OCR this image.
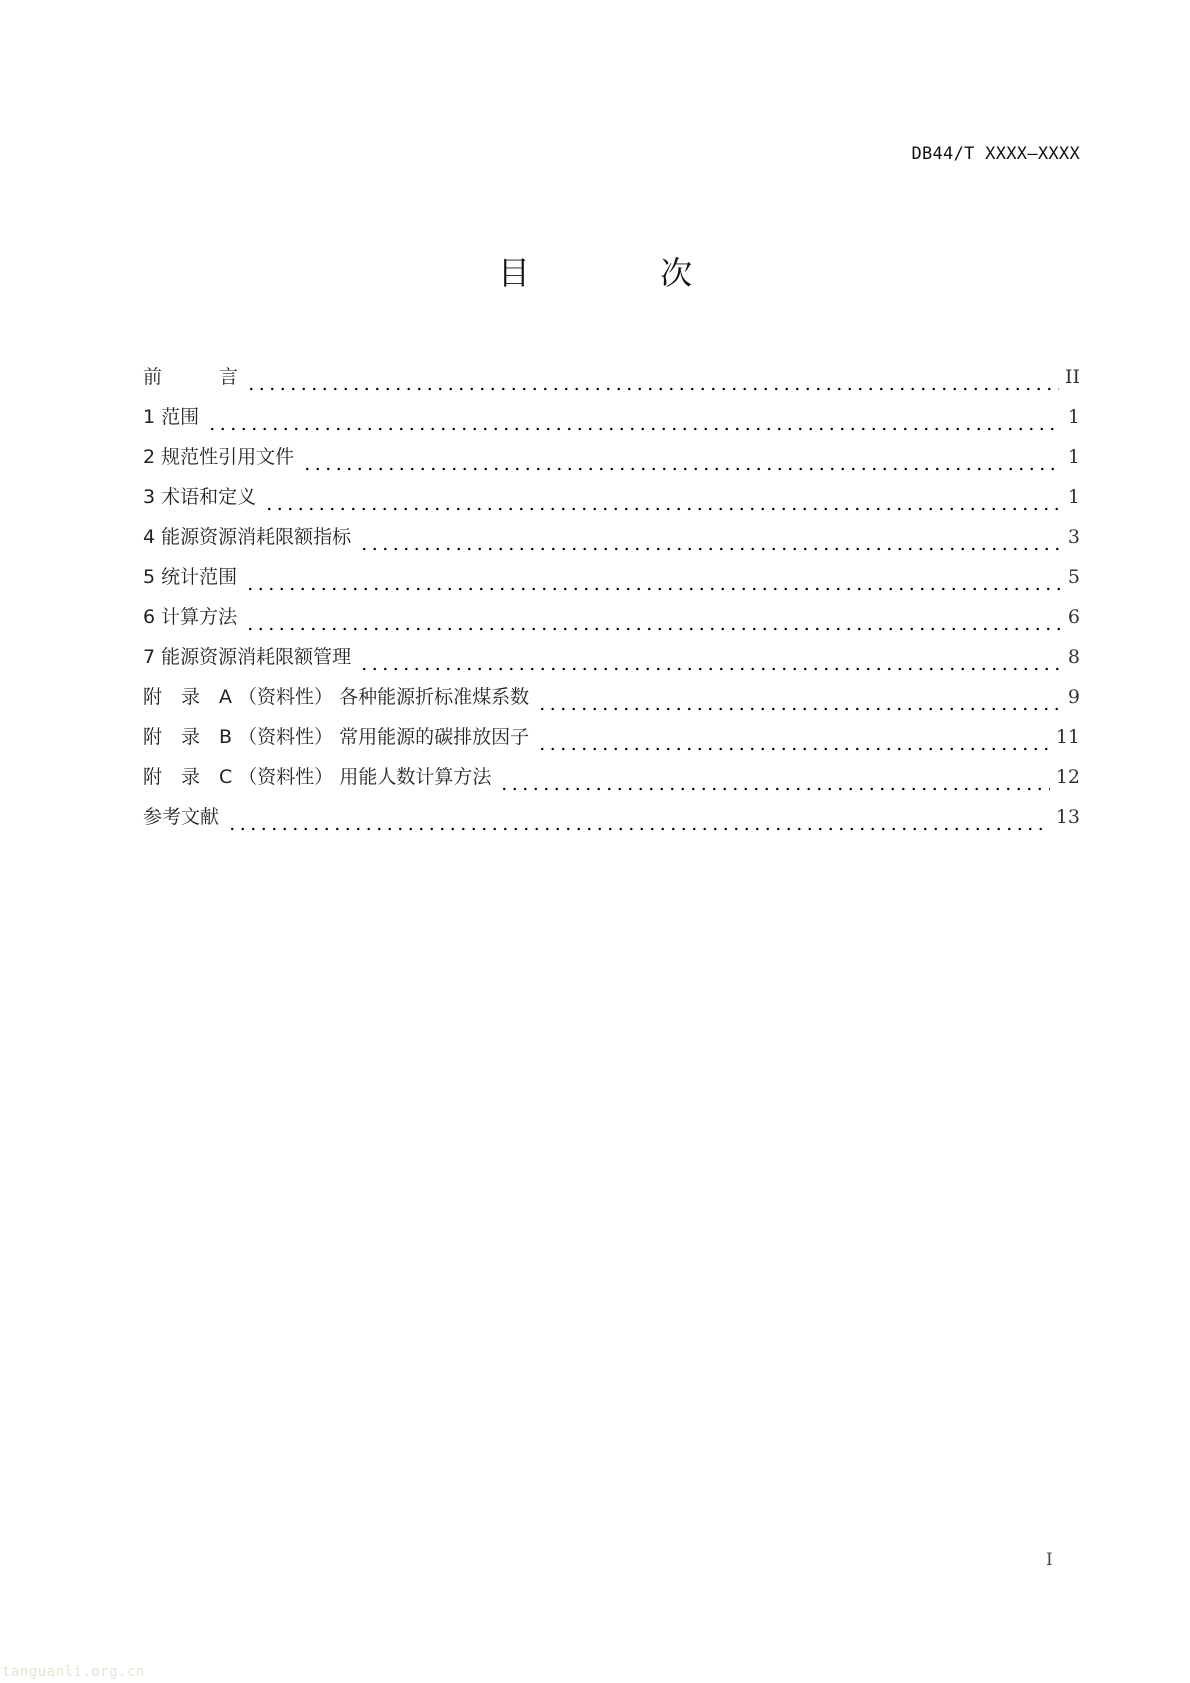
DB44/T XXXX—XXXX
目 次
前　　　言	II
1 范围	1
2 规范性引用文件	1
3 术语和定义	1
4 能源资源消耗限额指标	3
5 统计范围	5
6 计算方法	6
7 能源资源消耗限额管理	8
附　录　A （资料性） 各种能源折标准煤系数	9
附　录　B （资料性） 常用能源的碳排放因子	11
附　录　C （资料性） 用能人数计算方法	12
参考文献	13
I
tanguanli.org.cn
